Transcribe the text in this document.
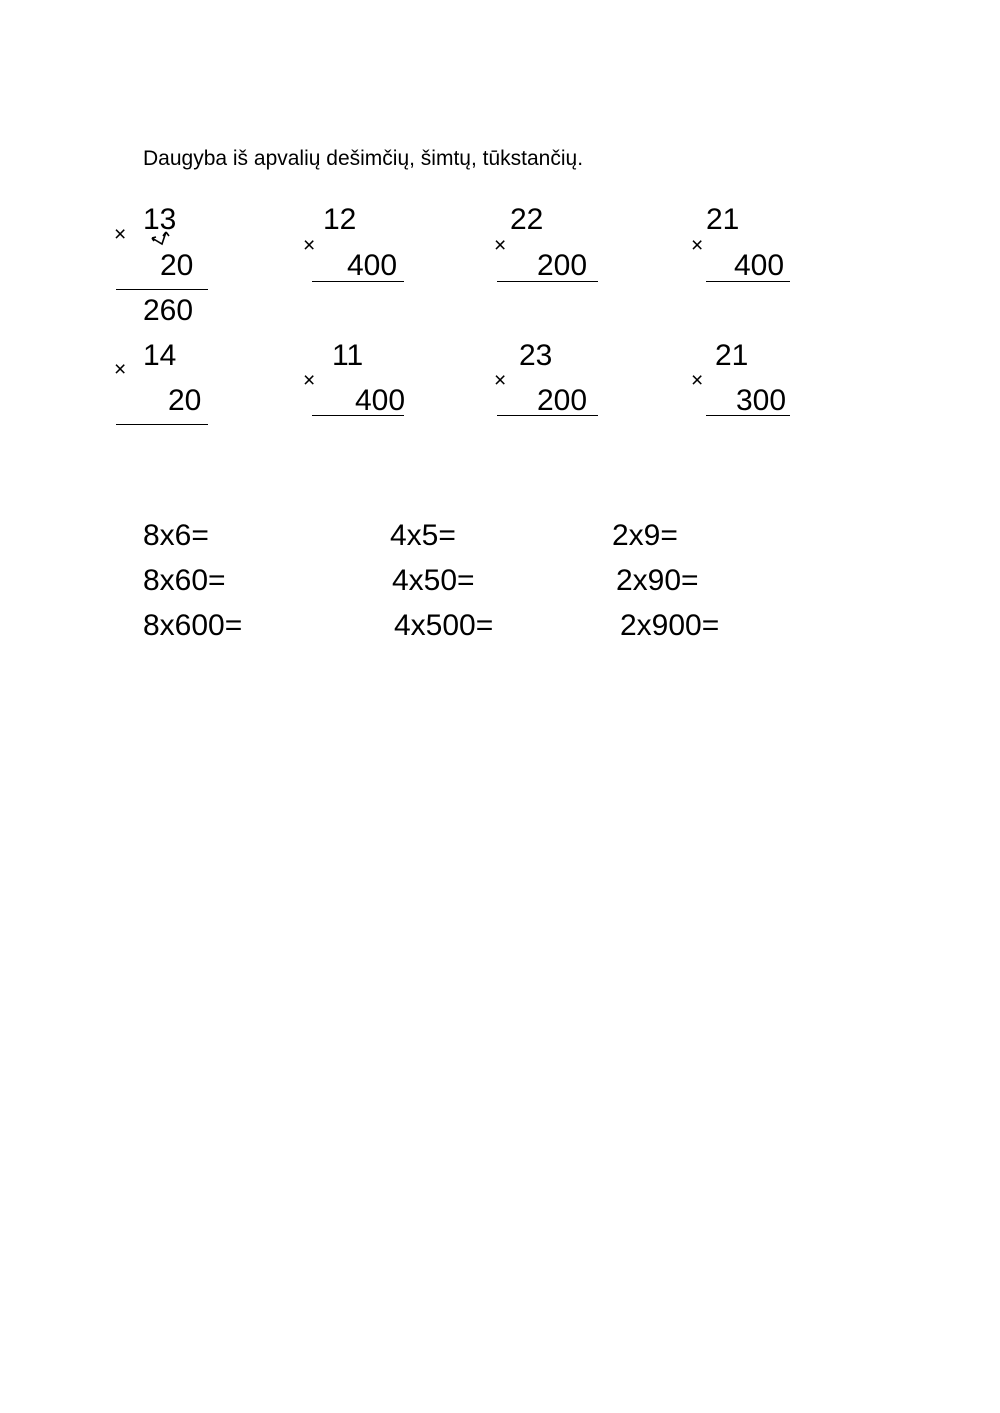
Daugyba iš apvalių dešimčių, šimtų, tūkstančių.
× 13
20
260
×
12
400
×
22
200
×
21
400
× 14
20
×
11
400
×
23
200
×
21
300
8x6=
8x60=
8x600=
4x5=
4x50=
4x500=
2x9=
2x90=
2x900=
